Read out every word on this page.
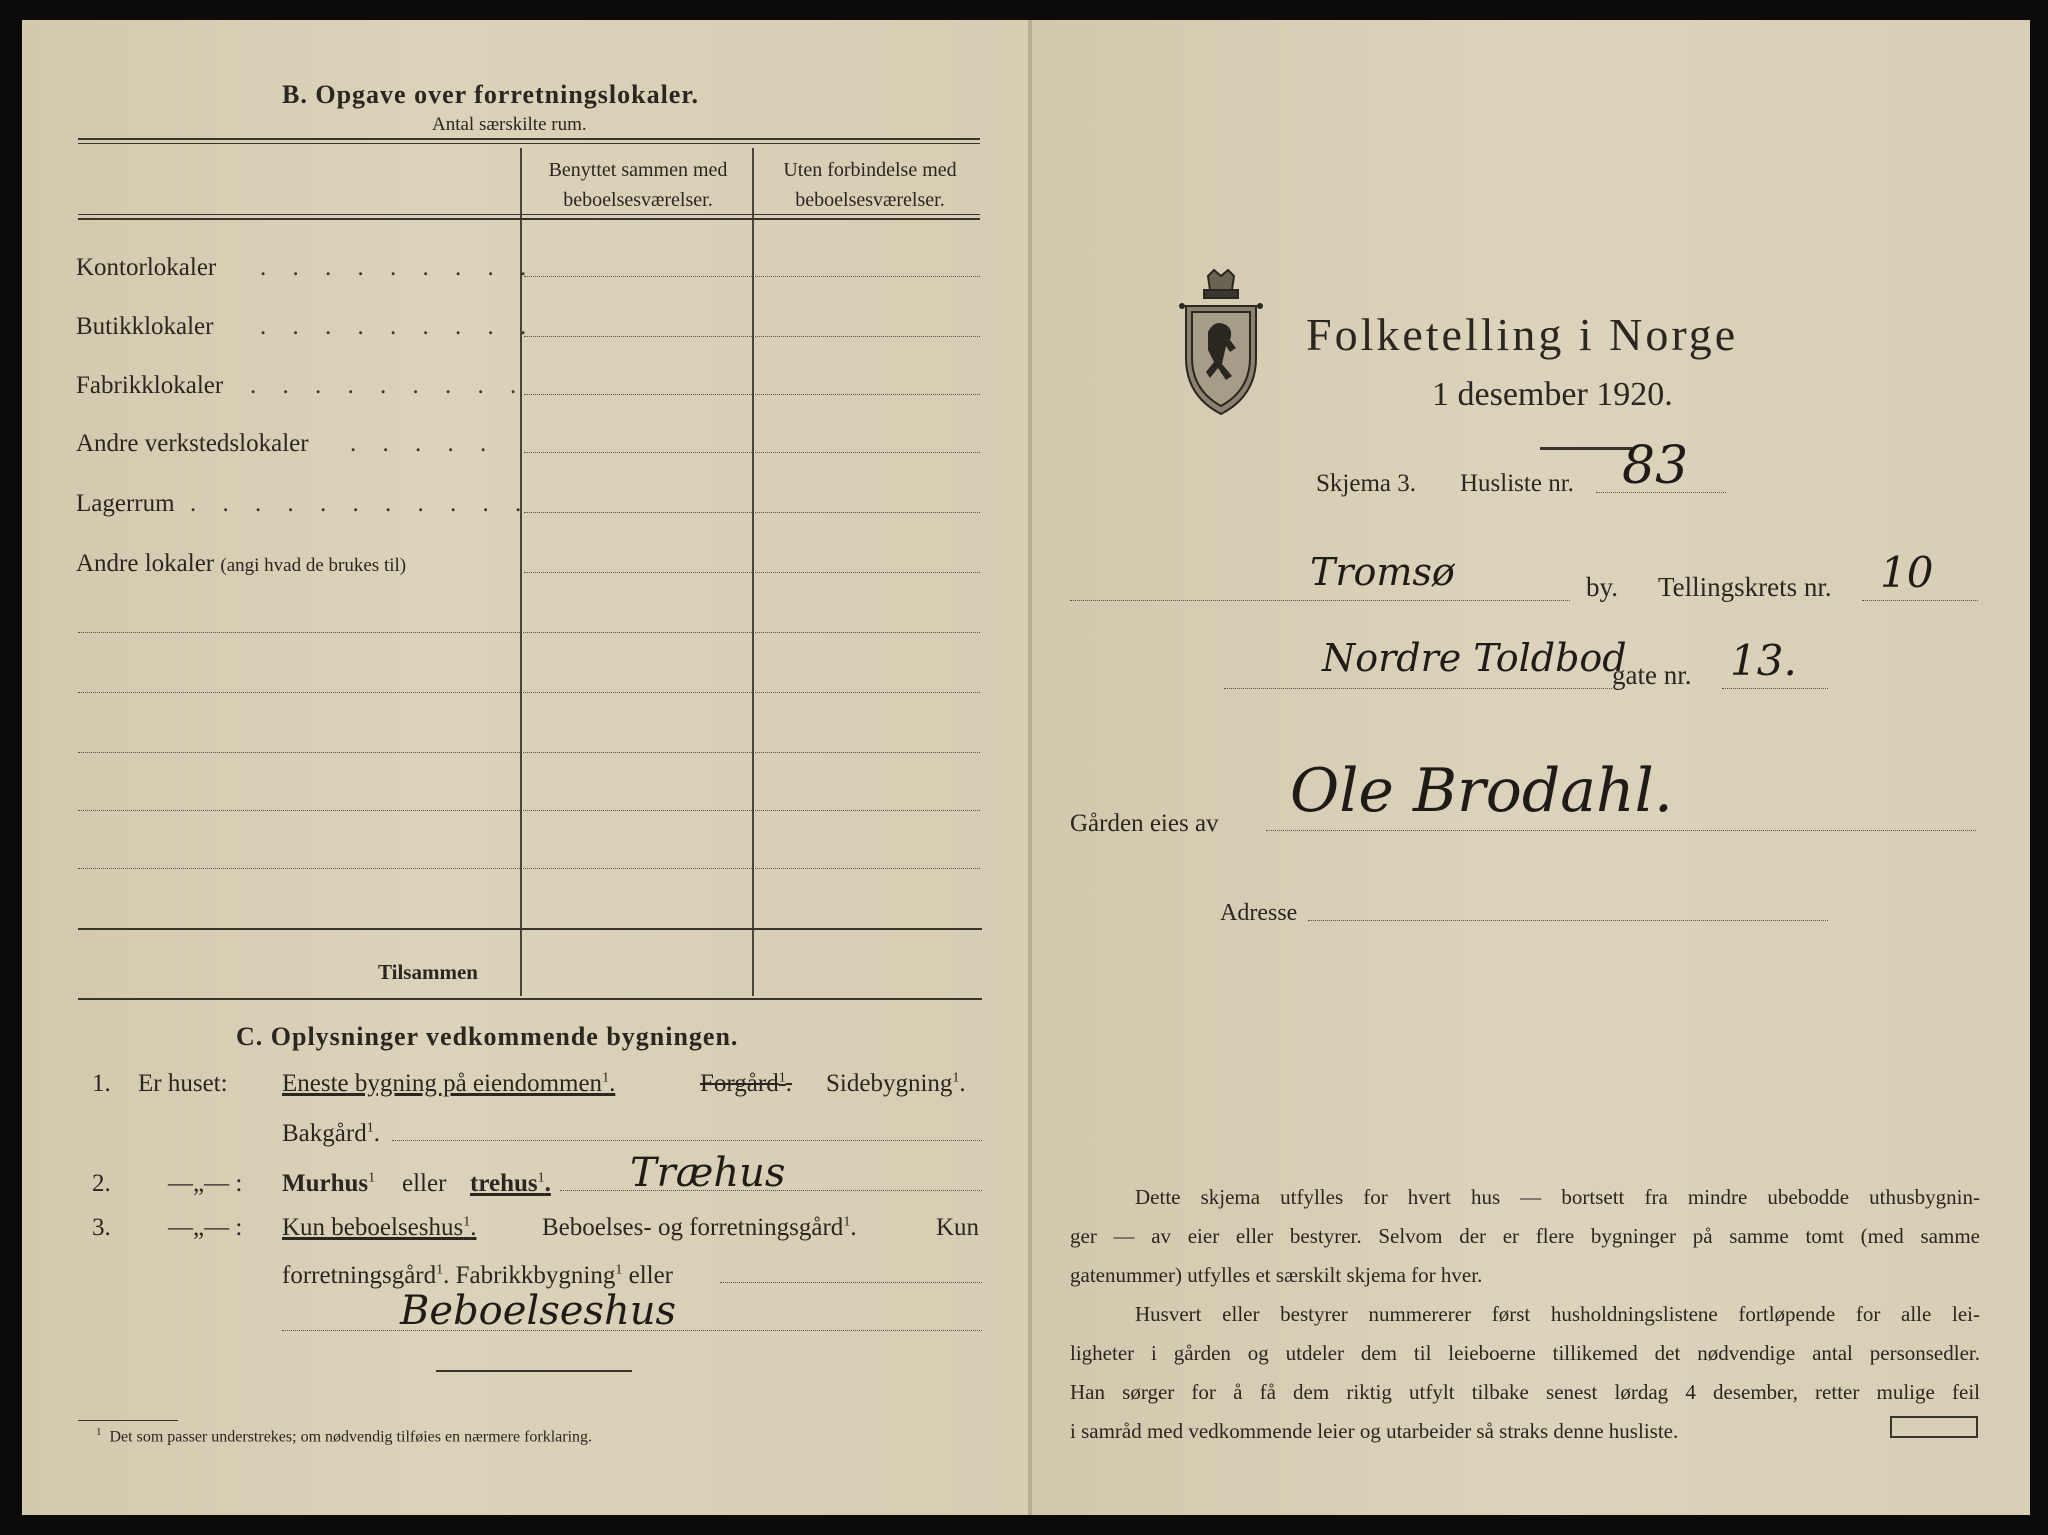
B. Opgave over forretningslokaler.
Antal særskilte rum.
Benyttet sammen med
beboelsesværelser.
Uten forbindelse med
beboelsesværelser.
Kontorlokaler . . . . . . . . .
Butikklokaler . . . . . . . . .
Fabrikklokaler . . . . . . . . .
Andre verkstedslokaler . . . . .
Lagerrum . . . . . . . . . . .
Andre lokaler (angi hvad de brukes til)
Tilsammen
C. Oplysninger vedkommende bygningen.
1. Er huset: Eneste bygning på eiendommen$^1$.	Forgård$^1$. Sidebygning$^1$.
Bakgård$^1$.
2. —„— : Murhus$^1$ eller trehus$^1$. Træhus
3. —„— : Kun beboelseshus$^1$.	Beboelses- og forretningsgård$^1$.	Kun
forretningsgård$^1$. Fabrikkbygning$^1$ eller
Beboelseshus
$^1$ Det som passer understrekes; om nødvendig tilføies en nærmere forklaring.
Folketelling i Norge
1 desember 1920.
Skjema 3. Husliste nr. 83
Tromsø	by. Tellingskrets nr. 10
Nordre Toldbod
gate nr. 13.
Gården eies av Ole Brodahl.
Adresse
Dette skjema utfylles for hvert hus — bortsett fra mindre ubebodde uthusbygnin-
ger — av eier eller bestyrer. Selvom der er flere bygninger på samme tomt (med samme
gatenummer) utfylles et særskilt skjema for hver.
Husvert eller bestyrer nummererer først husholdningslistene fortløpende for alle lei-
ligheter i gården og utdeler dem til leieboerne tillikemed det nødvendige antal personsedler.
Han sørger for å få dem riktig utfylt tilbake senest lørdag 4 desember, retter mulige feil
i samråd med vedkommende leier og utarbeider så straks denne husliste.
